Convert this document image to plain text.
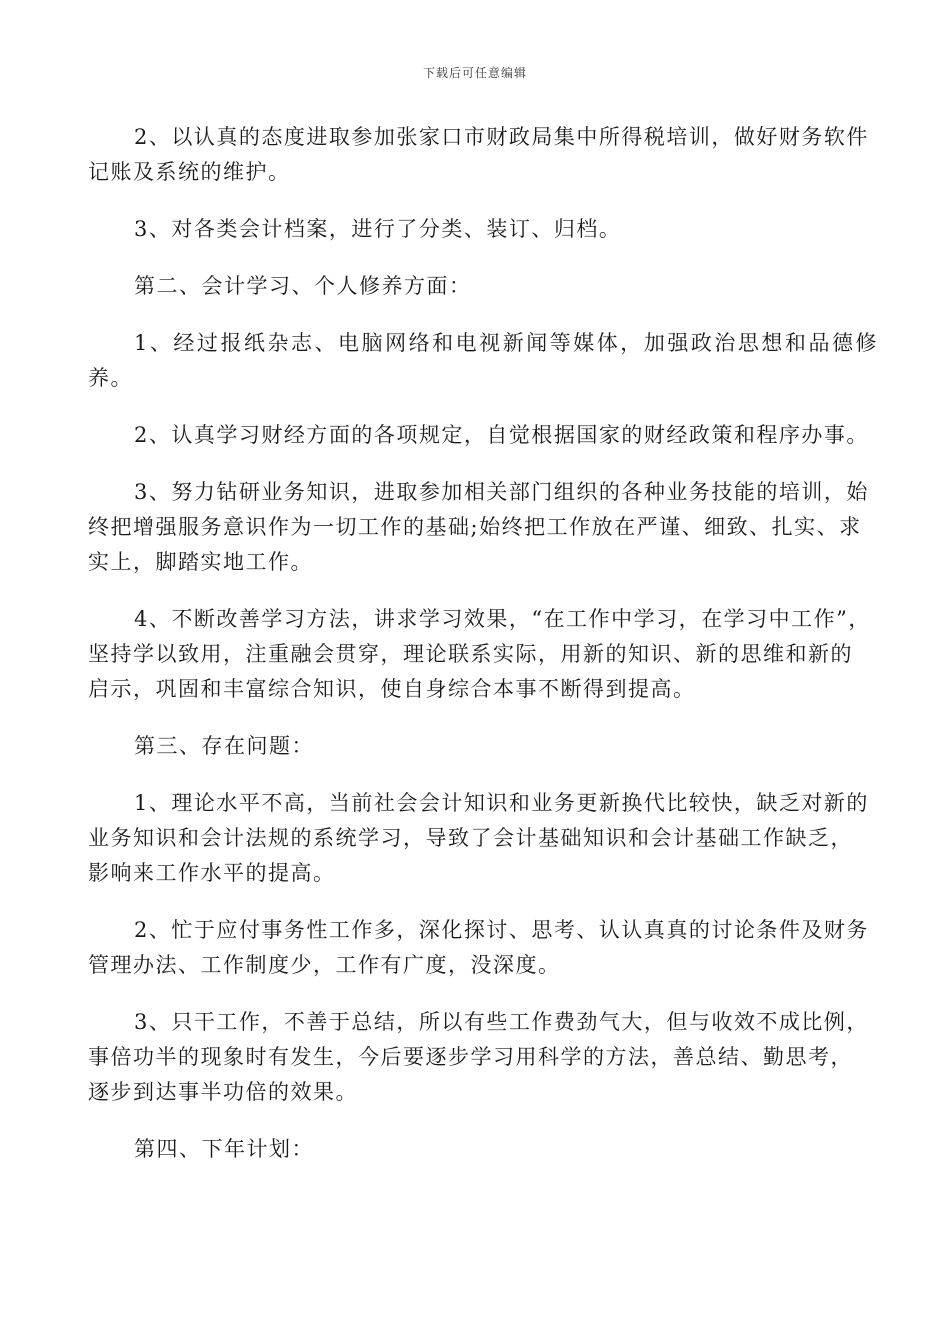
下载后可任意编辑

2、以认真的态度进取参加张家口市财政局集中所得税培训，做好财务软件
记账及系统的维护。

3、对各类会计档案，进行了分类、装订、归档。

第二、会计学习、个人修养方面：

1、经过报纸杂志、电脑网络和电视新闻等媒体，加强政治思想和品德修养。

2、认真学习财经方面的各项规定，自觉根据国家的财经政策和程序办事。

3、努力钻研业务知识，进取参加相关部门组织的各种业务技能的培训，始
终把增强服务意识作为一切工作的基础;始终把工作放在严谨、细致、扎实、求
实上，脚踏实地工作。

4、不断改善学习方法，讲求学习效果，“在工作中学习，在学习中工作”，
坚持学以致用，注重融会贯穿，理论联系实际，用新的知识、新的思维和新的
启示，巩固和丰富综合知识，使自身综合本事不断得到提高。

第三、存在问题：

1、理论水平不高，当前社会会计知识和业务更新换代比较快，缺乏对新的
业务知识和会计法规的系统学习，导致了会计基础知识和会计基础工作缺乏，
影响来工作水平的提高。

2、忙于应付事务性工作多，深化探讨、思考、认认真真的讨论条件及财务
管理办法、工作制度少，工作有广度，没深度。

3、只干工作，不善于总结，所以有些工作费劲气大，但与收效不成比例，
事倍功半的现象时有发生，今后要逐步学习用科学的方法，善总结、勤思考，
逐步到达事半功倍的效果。

第四、下年计划：
